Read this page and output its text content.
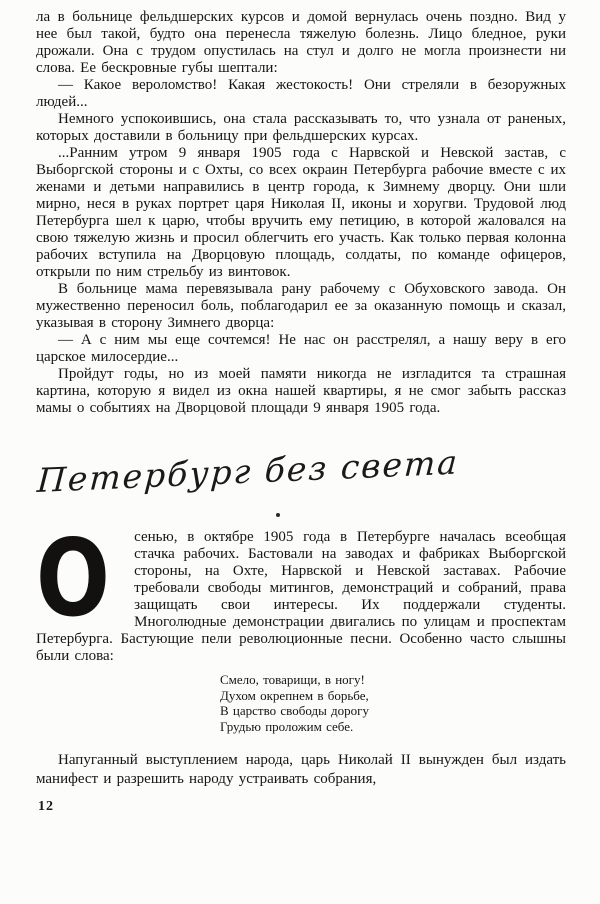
ла в больнице фельдшерских курсов и домой вернулась очень поздно. Вид у нее был такой, будто она перенесла тяжелую болезнь. Лицо бледное, руки дрожали. Она с трудом опустилась на стул и долго не могла произнести ни слова. Ее бескровные губы шептали:

— Какое вероломство! Какая жестокость! Они стреляли в безоружных людей...

Немного успокоившись, она стала рассказывать то, что узнала от раненых, которых доставили в больницу при фельдшерских курсах.

...Ранним утром 9 января 1905 года с Нарвской и Невской застав, с Выборгской стороны и с Охты, со всех окраин Петербурга рабочие вместе с их женами и детьми направились в центр города, к Зимнему дворцу. Они шли мирно, неся в руках портрет царя Николая II, иконы и хоругви. Трудовой люд Петербурга шел к царю, чтобы вручить ему петицию, в которой жаловался на свою тяжелую жизнь и просил облегчить его участь. Как только первая колонна рабочих вступила на Дворцовую площадь, солдаты, по команде офицеров, открыли по ним стрельбу из винтовок.

В больнице мама перевязывала рану рабочему с Обуховского завода. Он мужественно переносил боль, поблагодарил ее за оказанную помощь и сказал, указывая в сторону Зимнего дворца:

— А с ним мы еще сочтемся! Не нас он расстрелял, а нашу веру в его царское милосердие...

Пройдут годы, но из моей памяти никогда не изгладится та страшная картина, которую я видел из окна нашей квартиры, я не смог забыть рассказ мамы о событиях на Дворцовой площади 9 января 1905 года.

Петербург без света

О сенью, в октябре 1905 года в Петербурге началась всеобщая стачка рабочих. Бастовали на заводах и фабриках Выборгской стороны, на Охте, Нарвской и Невской заставах. Рабочие требовали свободы митингов, демонстраций и собраний, права защищать свои интересы. Их поддержали студенты. Многолюдные демонстрации двигались по улицам и проспектам Петербурга. Бастующие пели революционные песни. Особенно часто слышны были слова:

Смело, товарищи, в ногу!
Духом окрепнем в борьбе,
В царство свободы дорогу
Грудью проложим себе.

Напуганный выступлением народа, царь Николай II вынужден был издать манифест и разрешить народу устраивать собрания,

12
